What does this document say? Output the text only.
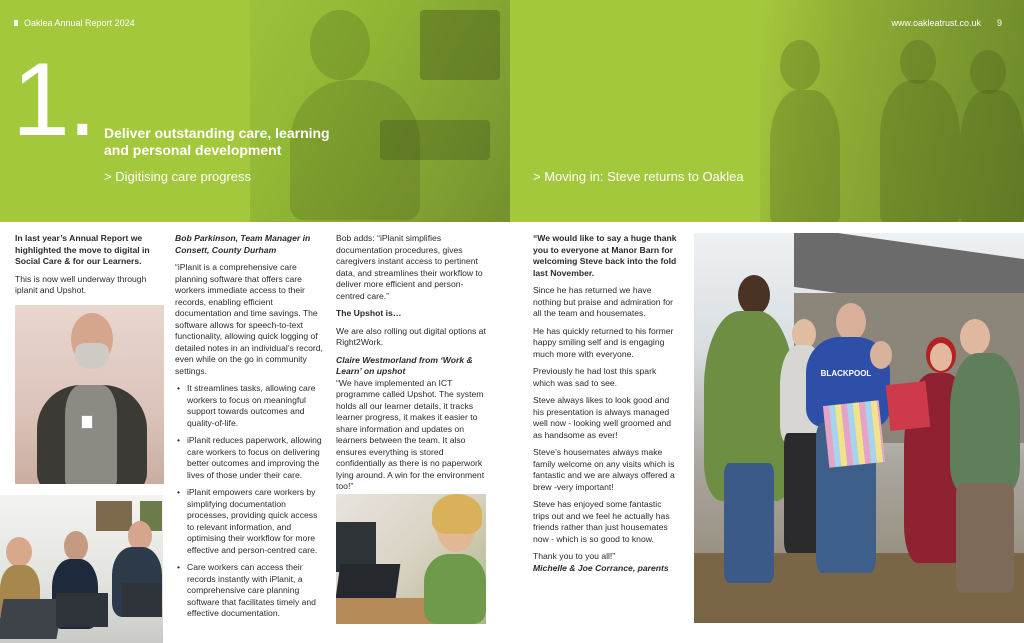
Oaklea Annual Report 2024	www.oakleatrust.co.uk 9
1. Deliver outstanding care, learning and personal development
> Digitising care progress	> Moving in: Steve returns to Oaklea

In last year’s Annual Report we highlighted the move to digital in Social Care & for our Learners.

This is now well underway through iplanit and Upshot.

Bob Parkinson, Team Manager in Consett, County Durham

“iPlanit is a comprehensive care planning software that offers care workers immediate access to their records, enabling efficient documentation and time savings. The software allows for speech-to-text functionality, allowing quick logging of detailed notes in an individual’s record, even while on the go in community settings.

• It streamlines tasks, allowing care workers to focus on meaningful support towards outcomes and quality-of-life.
• iPlanit reduces paperwork, allowing care workers to focus on delivering better outcomes and improving the lives of those under their care.
• iPlanit empowers care workers by simplifying documentation processes, providing quick access to relevant information, and optimising their workflow for more effective and person-centred care.
• Care workers can access their records instantly with iPlanit, a comprehensive care planning software that facilitates timely and effective documentation.

Bob adds: “iPlanit simplifies documentation procedures, gives caregivers instant access to pertinent data, and streamlines their workflow to deliver more efficient and person-centred care.”

The Upshot is…

We are also rolling out digital options at Right2Work.

Claire Westmorland from ‘Work & Learn’ on upshot

“We have implemented an ICT programme called Upshot. The system holds all our learner details, it tracks learner progress, it makes it easier to share information and updates on learners between the team. It also ensures everything is stored confidentially as there is no paperwork lying around. A win for the environment too!”

“We would like to say a huge thank you to everyone at Manor Barn for welcoming Steve back into the fold last November.

Since he has returned we have nothing but praise and admiration for all the team and housemates.

He has quickly returned to his former happy smiling self and is engaging much more with everyone.

Previously he had lost this spark which was sad to see.

Steve always likes to look good and his presentation is always managed well now - looking well groomed and as handsome as ever!

Steve’s housemates always make family welcome on any visits which is fantastic and we are always offered a brew -very important!

Steve has enjoyed some fantastic trips out and we feel he actually has friends rather than just housemates now - which is so good to know.

Thank you to you all!”

Michelle & Joe Corrance, parents

BLACKPOOL
